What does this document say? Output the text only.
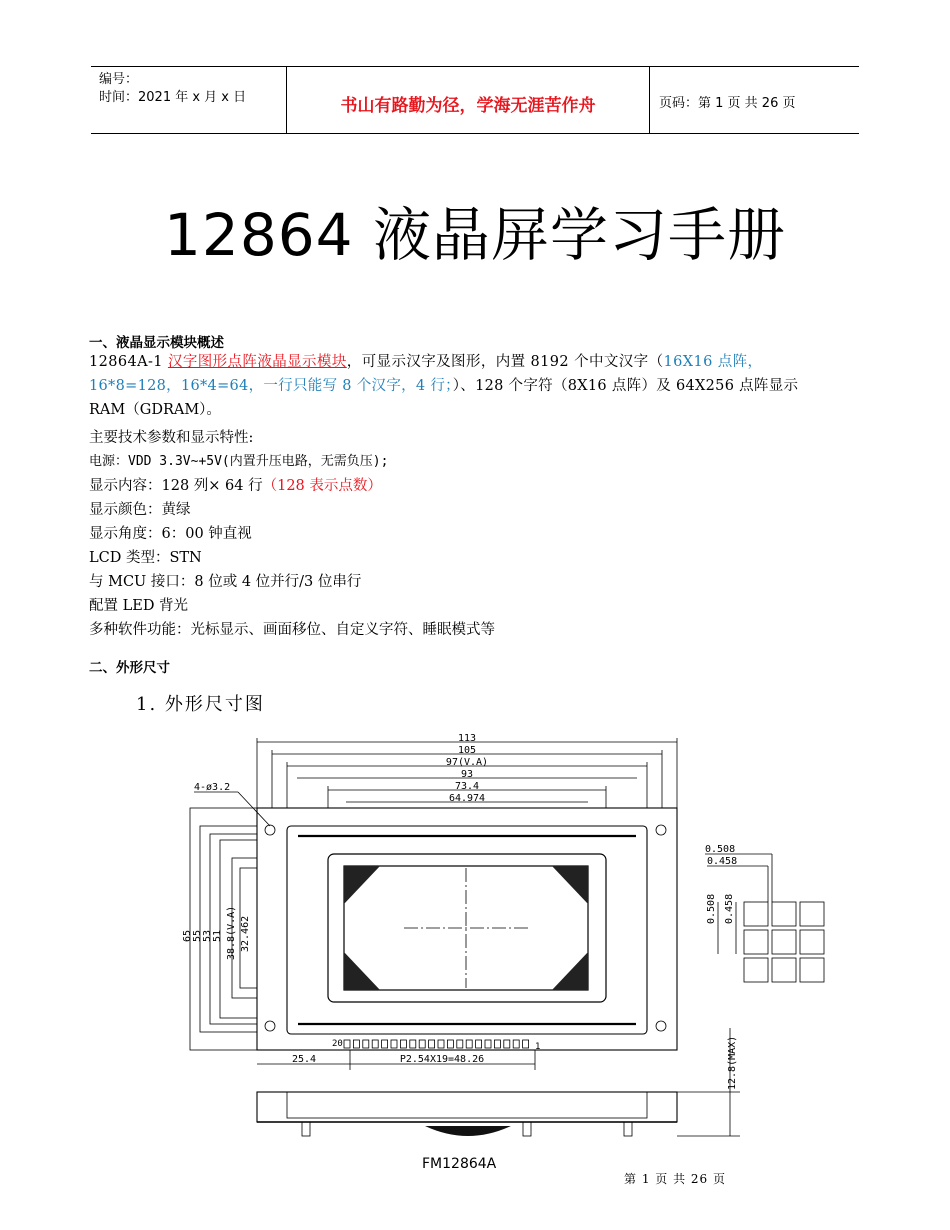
编号：
时间：2021 年 x 月 x 日	书山有路勤为径，学海无涯苦作舟	页码：第 1 页 共 26 页
12864 液晶屏学习手册
一、液晶显示模块概述
12864A-1 汉字图形点阵液晶显示模块，可显示汉字及图形，内置 8192 个中文汉字（16X16 点阵，
16*8=128，16*4=64，一行只能写 8 个汉字，4 行；）、128 个字符（8X16 点阵）及 64X256 点阵显示
RAM（GDRAM）。
主要技术参数和显示特性:
电源：VDD 3.3V~+5V(内置升压电路，无需负压);
显示内容：128 列× 64 行（128 表示点数）
显示颜色：黄绿
显示角度：6：00 钟直视
LCD 类型：STN
与 MCU 接口：8 位或 4 位并行/3 位串行
配置 LED 背光
多种软件功能：光标显示、画面移位、自定义字符、睡眠模式等
二、外形尺寸
1. 外形尺寸图
113
105
97(V.A)
93
73.4
64.974
4-ø3.2
65 55 53 51 38.8(V.A) 32.462
20	1
25.4	P2.54X19=48.26	12.8(MAX)
FM12864A
0.508
0.458
0.508 0.458
第 1 页 共 26 页
